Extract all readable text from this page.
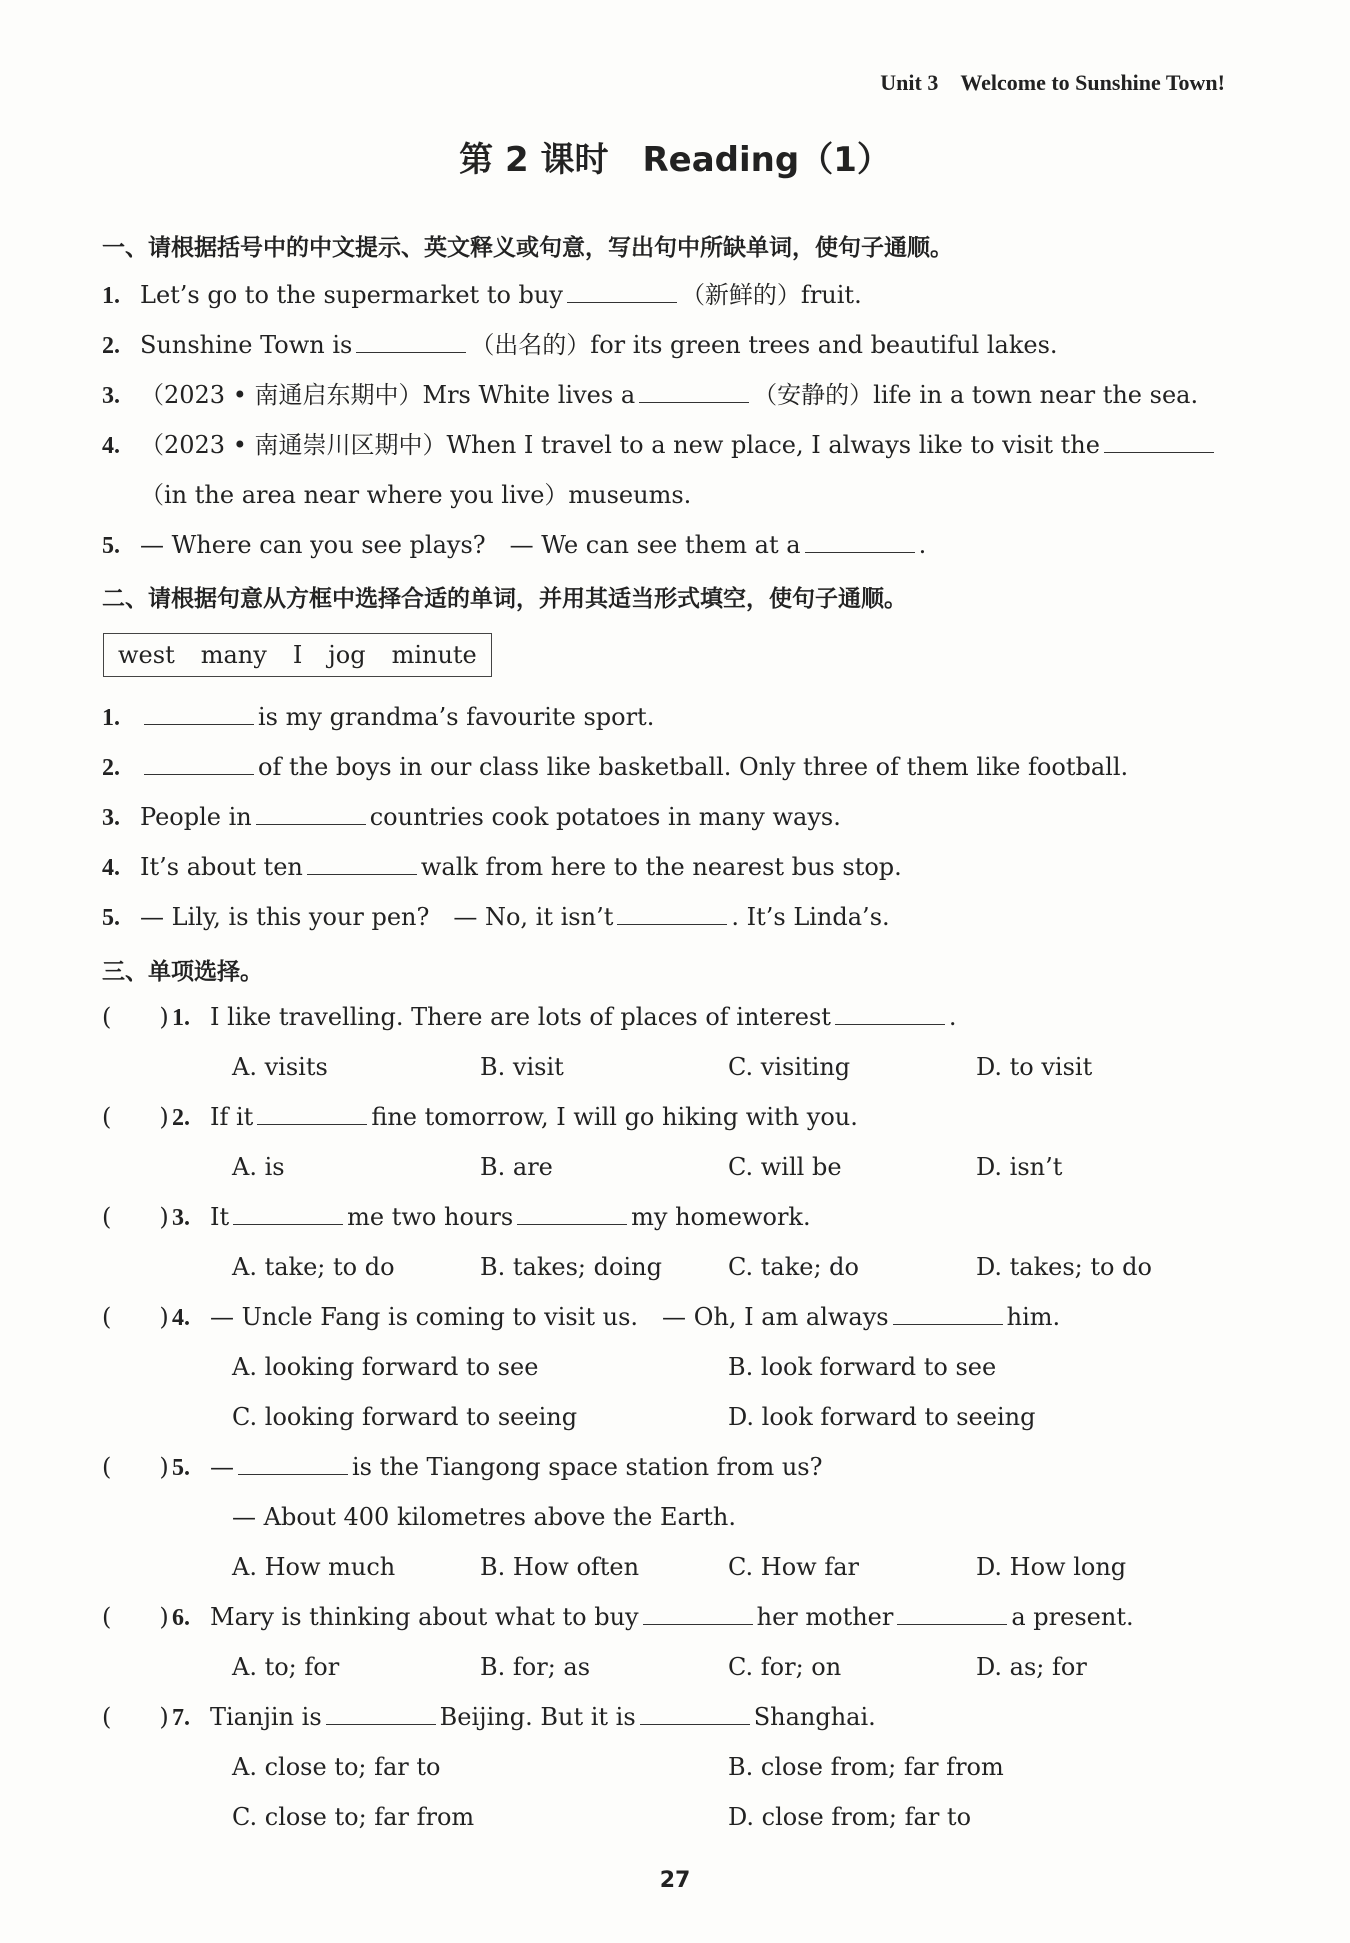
Unit 3 Welcome to Sunshine Town!
第 2 课时　Reading（1）
一、请根据括号中的中文提示、英文释义或句意，写出句中所缺单词，使句子通顺。
1. Let’s go to the supermarket to buy	（新鲜的）fruit.
2. Sunshine Town is	（出名的）for its green trees and beautiful lakes.
3. （2023 • 南通启东期中）Mrs White lives a	（安静的）life in a town near the sea.
4. （2023 • 南通崇川区期中）When I travel to a new place, I always like to visit the
（in the area near where you live）museums.
5. — Where can you see plays?　— We can see them at a	.
二、请根据句意从方框中选择合适的单词，并用其适当形式填空，使句子通顺。
west many I jog minute
1.	is my grandma’s favourite sport.
2.	of the boys in our class like basketball. Only three of them like football.
3. People in	countries cook potatoes in many ways.
4. It’s about ten	walk from here to the nearest bus stop.
5. — Lily, is this your pen?　— No, it isn’t	. It’s Linda’s.
三、单项选择。
(　　) 1. I like travelling. There are lots of places of interest	.
A. visits	B. visit	C. visiting	D. to visit
(　　) 2. If it	fine tomorrow, I will go hiking with you.
A. is	B. are	C. will be	D. isn’t
(　　) 3. It	me two hours	my homework.
A. take; to do	B. takes; doing	C. take; do	D. takes; to do
(　　) 4. — Uncle Fang is coming to visit us.　— Oh, I am always	him.
A. looking forward to see	B. look forward to see
C. looking forward to seeing	D. look forward to seeing
(　　) 5. —	is the Tiangong space station from us?
— About 400 kilometres above the Earth.
A. How much	B. How often	C. How far	D. How long
(　　) 6. Mary is thinking about what to buy	her mother	a present.
A. to; for	B. for; as	C. for; on	D. as; for
(　　) 7. Tianjin is	Beijing. But it is	Shanghai.
A. close to; far to	B. close from; far from
C. close to; far from	D. close from; far to
27
